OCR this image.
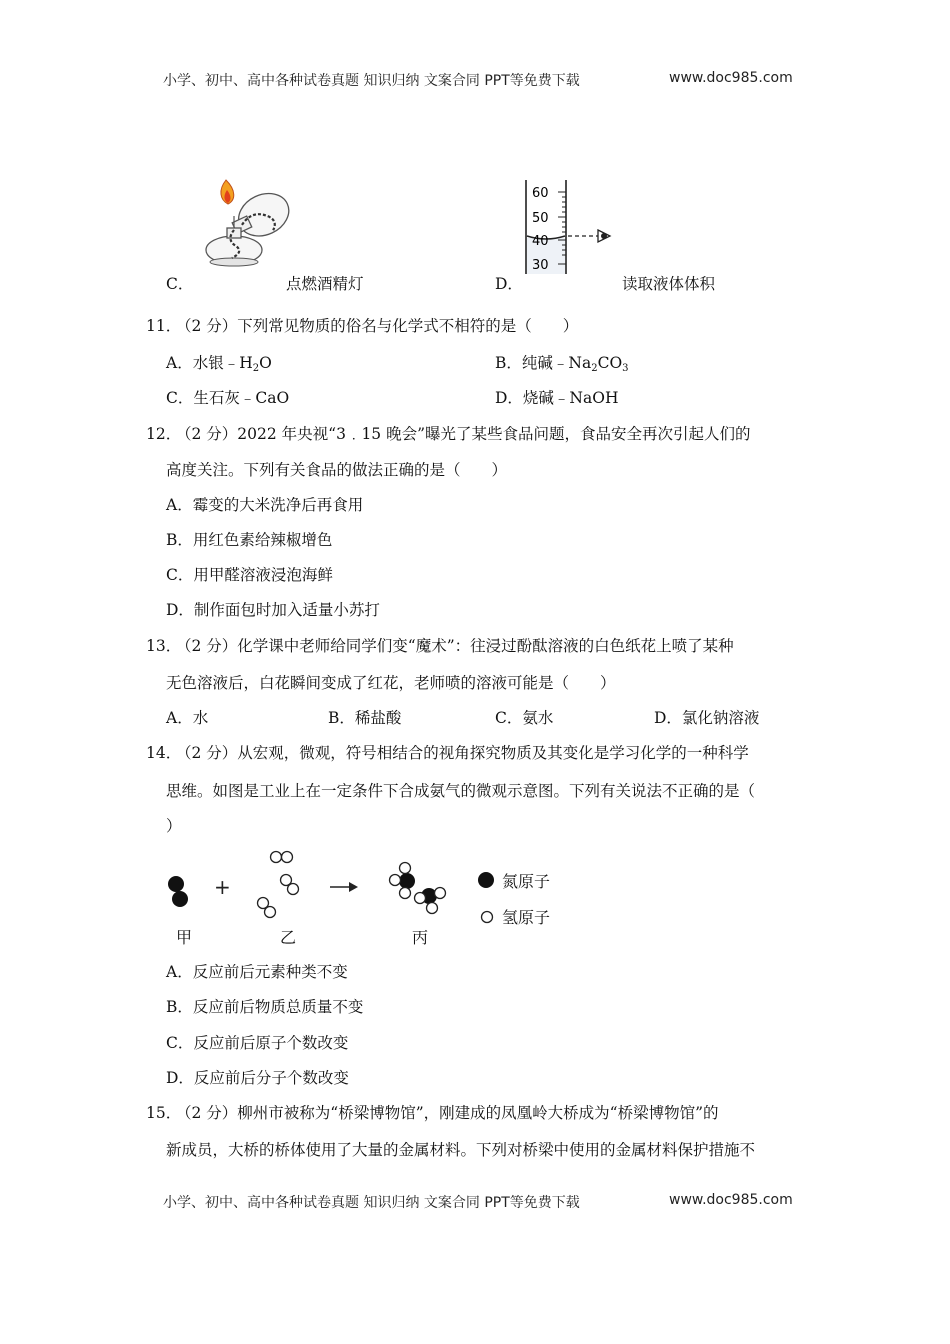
小学、初中、高中各种试卷真题 知识归纳 文案合同 PPT等免费下载	www.doc985.com
C．	点燃酒精灯
60
50
40
30
D．	读取液体体积
11．
（2 分）下列常见物质的俗名与化学式不相符的是（　　）
A．水银$﹣H_2O$	B．纯碱$﹣Na_2CO_3$
C．生石灰﹣CaO	D．烧碱﹣NaOH
12．
（2 分）2022 年央视“3﹒15 晚会”曝光了某些食品问题，食品安全再次引起人们的
高度关注。下列有关食品的做法正确的是（　　）
A．霉变的大米洗净后再食用
B．用红色素给辣椒增色
C．用甲醛溶液浸泡海鲜
D．制作面包时加入适量小苏打
13．
（2 分）化学课中老师给同学们变“魔术”：往浸过酚酞溶液的白色纸花上喷了某种
无色溶液后，白花瞬间变成了红花，老师喷的溶液可能是（　　）
A．水	B．稀盐酸	C．氨水	D．氯化钠溶液
14．
（2 分）从宏观，微观，符号相结合的视角探究物质及其变化是学习化学的一种科学
思维。如图是工业上在一定条件下合成氨气的微观示意图。下列有关说法不正确的是（
）
+	氮原子
氢原子
甲	乙	丙
A．反应前后元素种类不变
B．反应前后物质总质量不变
C．反应前后原子个数改变
D．反应前后分子个数改变
15．
（2 分）柳州市被称为“桥梁博物馆”，刚建成的凤凰岭大桥成为“桥梁博物馆”的
新成员，大桥的桥体使用了大量的金属材料。下列对桥梁中使用的金属材料保护措施不
小学、初中、高中各种试卷真题 知识归纳 文案合同 PPT等免费下载	www.doc985.com
